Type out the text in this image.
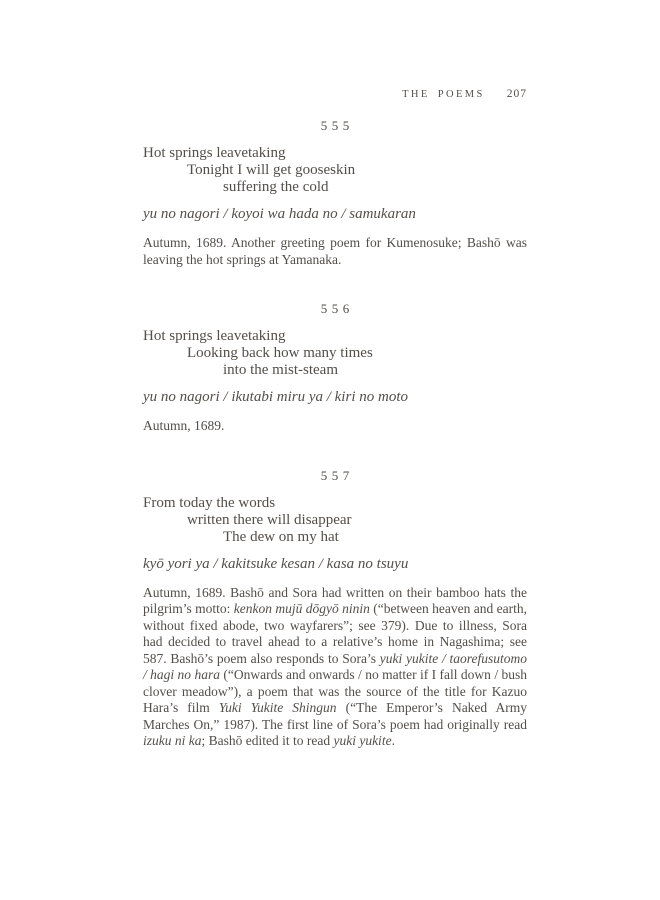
THE POEMS 207
555
Hot springs leavetaking
Tonight I will get gooseskin
suffering the cold
yu no nagori / koyoi wa hada no / samukaran

Autumn, 1689. Another greeting poem for Kumenosuke; Bashō was leaving the hot springs at Yamanaka.

556
Hot springs leavetaking
Looking back how many times
into the mist-steam
yu no nagori / ikutabi miru ya / kiri no moto

Autumn, 1689.

557
From today the words
written there will disappear
The dew on my hat
kyō yori ya / kakitsuke kesan / kasa no tsuyu

Autumn, 1689. Bashō and Sora had written on their bamboo hats the pilgrim’s motto: kenkon mujū dōgyō ninin (“between heaven and earth, without fixed abode, two wayfarers”; see 379). Due to illness, Sora had decided to travel ahead to a relative’s home in Nagashima; see 587. Bashō’s poem also responds to Sora’s yuki yukite / taorefusutomo / hagi no hara (“Onwards and onwards / no matter if I fall down / bush clover meadow”), a poem that was the source of the title for Kazuo Hara’s film Yuki Yukite Shingun (“The Emperor’s Naked Army Marches On,” 1987). The first line of Sora’s poem had originally read izuku ni ka; Bashō edited it to read yuki yukite.
